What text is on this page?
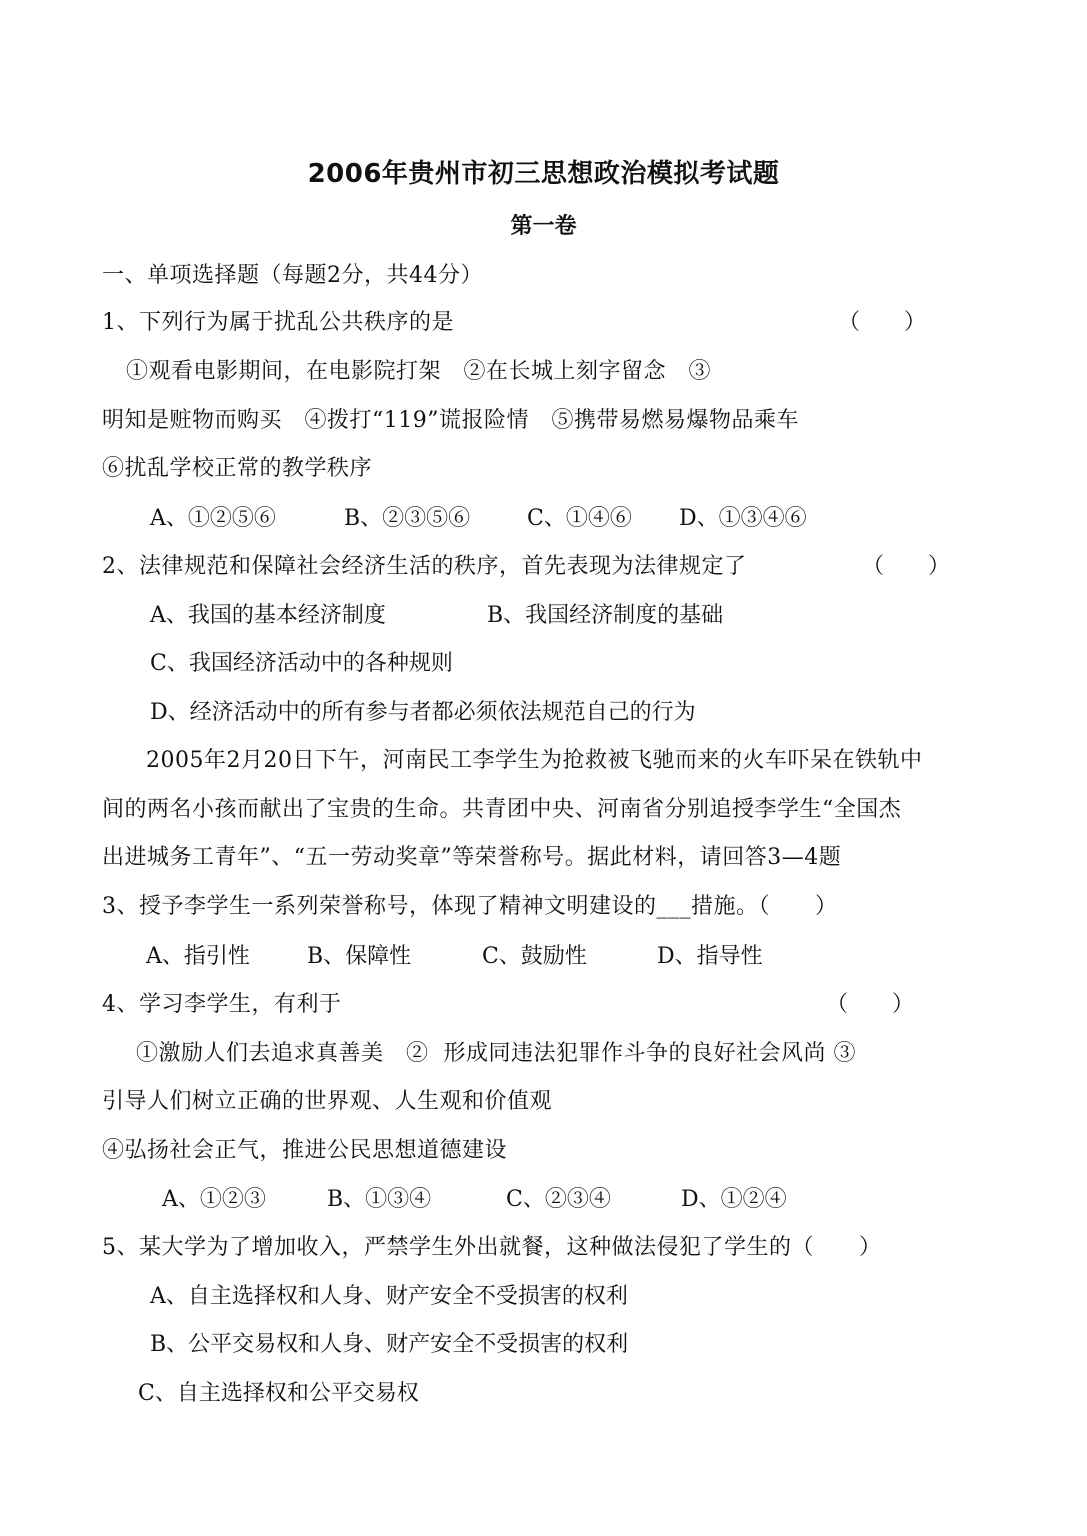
2006年贵州市初三思想政治模拟考试题
第一卷
一、单项选择题（每题2分，共44分）
1、下列行为属于扰乱公共秩序的是	（　　）
①观看电影期间，在电影院打架　②在长城上刻字留念　③
明知是赃物而购买　④拨打“119”谎报险情　⑤携带易燃易爆物品乘车
⑥扰乱学校正常的教学秩序
A、①②⑤⑥	B、②③⑤⑥	C、①④⑥ D、①③④⑥
2、法律规范和保障社会经济生活的秩序，首先表现为法律规定了	（　　）
A、我国的基本经济制度	B、我国经济制度的基础
C、我国经济活动中的各种规则
D、经济活动中的所有参与者都必须依法规范自己的行为
2005年2月20日下午，河南民工李学生为抢救被飞驰而来的火车吓呆在铁轨中
间的两名小孩而献出了宝贵的生命。共青团中央、河南省分别追授李学生“全国杰
出进城务工青年”、“五一劳动奖章”等荣誉称号。据此材料，请回答3—4题
3、授予李学生一系列荣誉称号，体现了精神文明建设的___措施。（　　）
A、指引性	B、保障性	C、鼓励性	D、指导性
4、学习李学生，有利于	（　　）
①激励人们去追求真善美　②  形成同违法犯罪作斗争的良好社会风尚 ③
引导人们树立正确的世界观、人生观和价值观
④弘扬社会正气，推进公民思想道德建设
A、①②③	B、①③④	C、②③④	D、①②④
5、某大学为了增加收入，严禁学生外出就餐，这种做法侵犯了学生的（　　）
A、自主选择权和人身、财产安全不受损害的权利
B、公平交易权和人身、财产安全不受损害的权利
C、自主选择权和公平交易权
